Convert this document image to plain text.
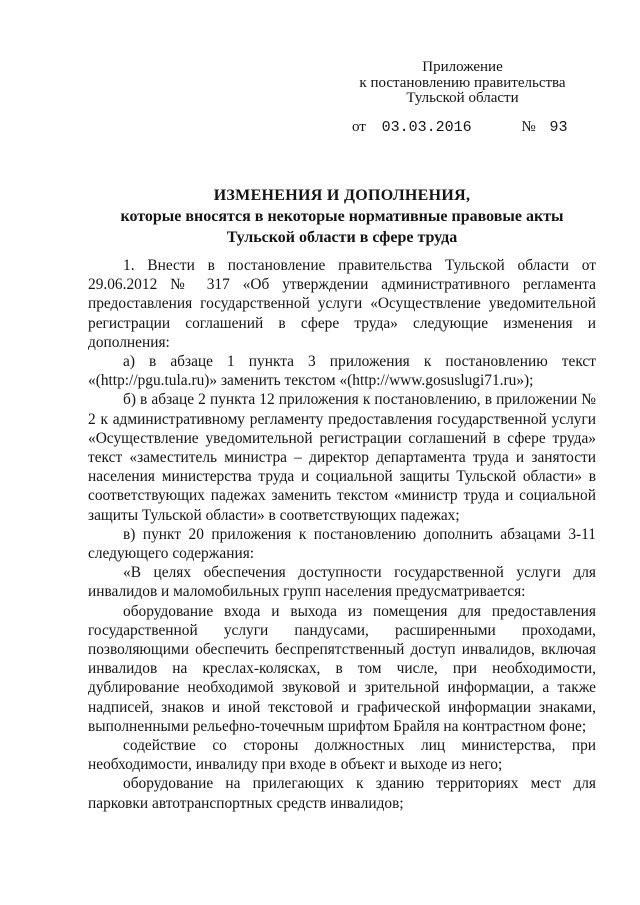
Приложение
к постановлению правительства
Тульской области
от 03.03.2016	№ 93
ИЗМЕНЕНИЯ И ДОПОЛНЕНИЯ,
которые вносятся в некоторые нормативные правовые акты
Тульской области в сфере труда

1. Внести в постановление правительства Тульской области от 29.06.2012 № 317 «Об утверждении административного регламента предоставления государственной услуги «Осуществление уведомительной регистрации соглашений в сфере труда» следующие изменения и дополнения:

а) в абзаце 1 пункта 3 приложения к постановлению текст «(http://pgu.tula.ru)» заменить текстом «(http://www.gosuslugi71.ru»);

б) в абзаце 2 пункта 12 приложения к постановлению, в приложении № 2 к административному регламенту предоставления государственной услуги «Осуществление уведомительной регистрации соглашений в сфере труда» текст «заместитель министра – директор департамента труда и занятости населения министерства труда и социальной защиты Тульской области» в соответствующих падежах заменить текстом «министр труда и социальной защиты Тульской области» в соответствующих падежах;

в) пункт 20 приложения к постановлению дополнить абзацами 3-11 следующего содержания:

«В целях обеспечения доступности государственной услуги для инвалидов и маломобильных групп населения предусматривается:

оборудование входа и выхода из помещения для предоставления государственной услуги пандусами, расширенными проходами, позволяющими обеспечить беспрепятственный доступ инвалидов, включая инвалидов на креслах-колясках, в том числе, при необходимости, дублирование необходимой звуковой и зрительной информации, а также надписей, знаков и иной текстовой и графической информации знаками, выполненными рельефно-точечным шрифтом Брайля на контрастном фоне;

содействие со стороны должностных лиц министерства, при необходимости, инвалиду при входе в объект и выходе из него;

оборудование на прилегающих к зданию территориях мест для парковки автотранспортных средств инвалидов;
